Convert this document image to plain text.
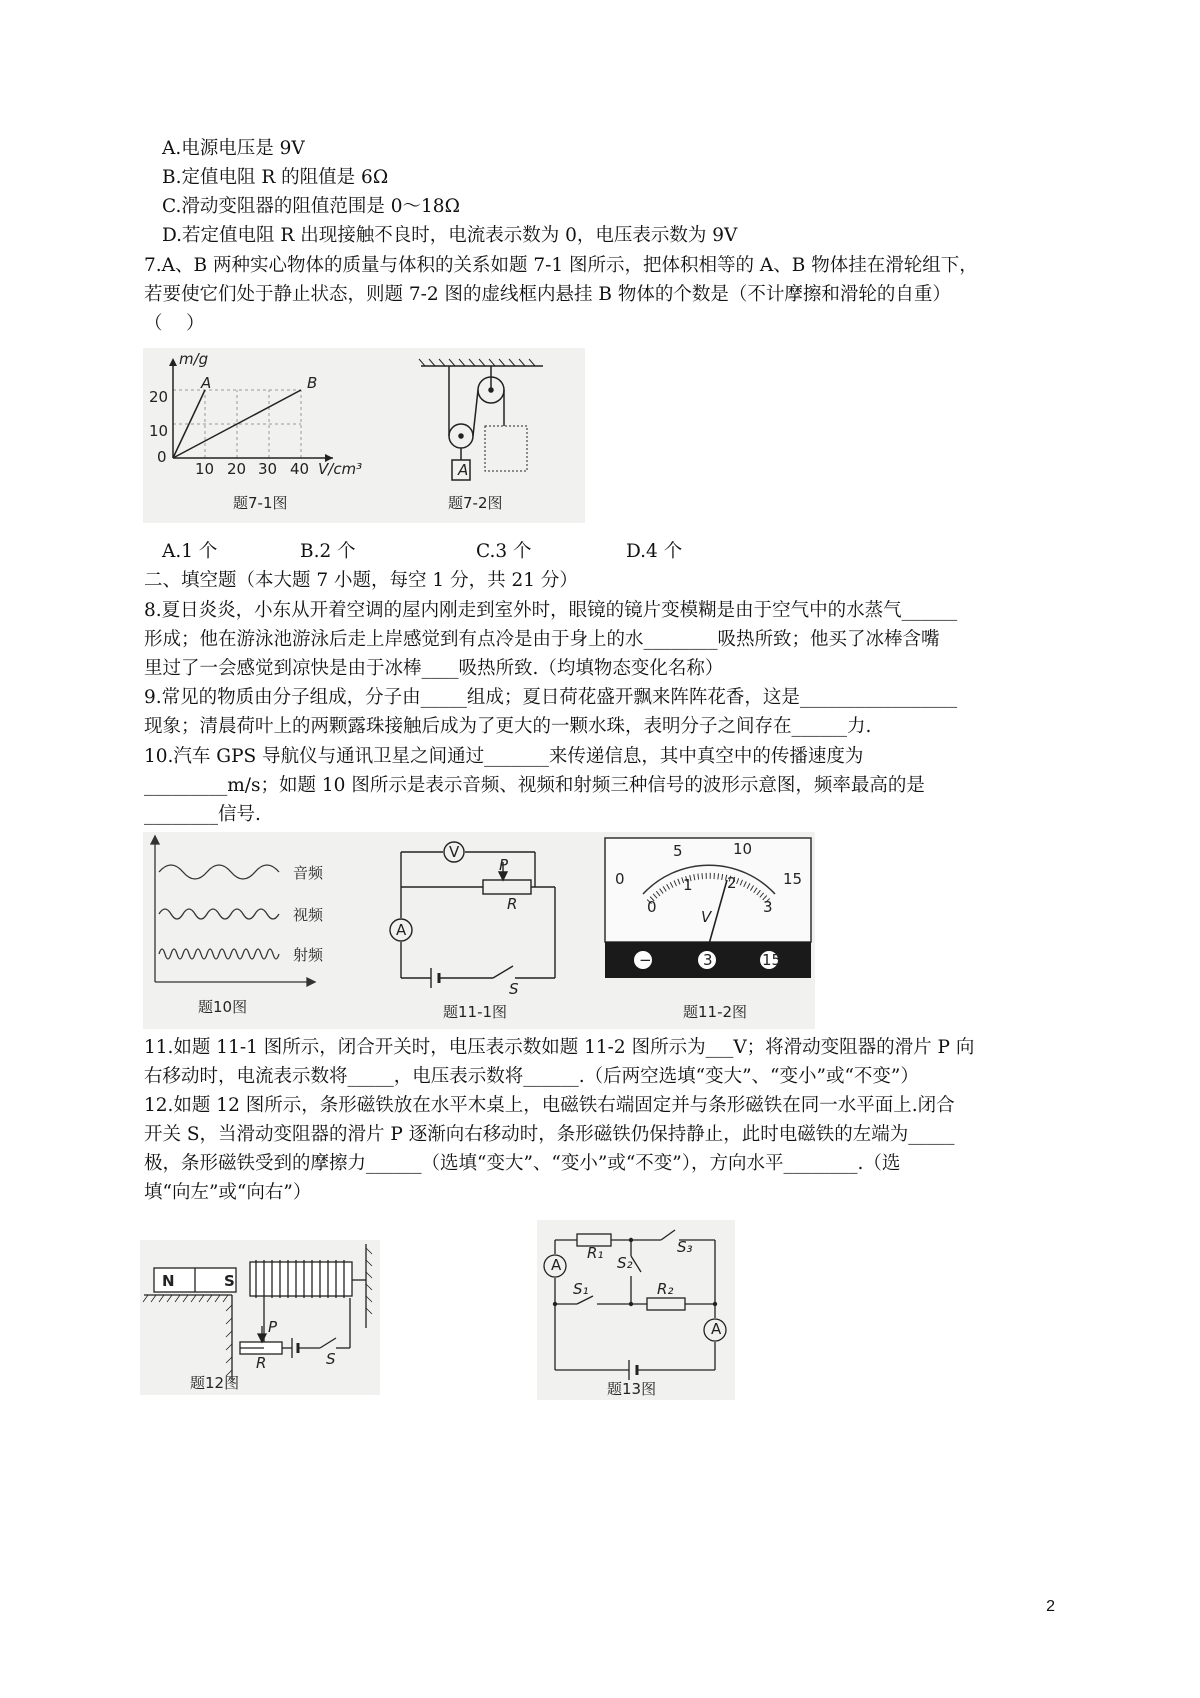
A.电源电压是 9V
B.定值电阻 R 的阻值是 6Ω
C.滑动变阻器的阻值范围是 0～18Ω
D.若定值电阻 R 出现接触不良时，电流表示数为 0，电压表示数为 9V
7.A、B 两种实心物体的质量与体积的关系如题 7-1 图所示，把体积相等的 A、B 物体挂在滑轮组下，
若要使它们处于静止状态，则题 7-2 图的虚线框内悬挂 B 物体的个数是（不计摩擦和滑轮的自重）
（    ）
m/g
V/cm³
0
10
20
10 20 30 40
A	B
题7-1图
A
题7-2图
A.1 个	B.2 个	C.3 个	D.4 个
二、填空题（本大题 7 小题，每空 1 分，共 21 分）
8.夏日炎炎，小东从开着空调的屋内刚走到室外时，眼镜的镜片变模糊是由于空气中的水蒸气______
形成；他在游泳池游泳后走上岸感觉到有点冷是由于身上的水________吸热所致；他买了冰棒含嘴
里过了一会感觉到凉快是由于冰棒____吸热所致.（均填物态变化名称）
9.常见的物质由分子组成，分子由_____组成；夏日荷花盛开飘来阵阵花香，这是_________________
现象；清晨荷叶上的两颗露珠接触后成为了更大的一颗水珠，表明分子之间存在______力.
10.汽车 GPS 导航仪与通讯卫星之间通过_______来传递信息，其中真空中的传播速度为
_________m/s；如题 10 图所示是表示音频、视频和射频三种信号的波形示意图，频率最高的是
________信号.
音频
视频
射频
题10图
V
P
R
A
S
题11-1图
0
5	10
15
0
1 2
3
V
−	3	15
题11-2图
11.如题 11-1 图所示，闭合开关时，电压表示数如题 11-2 图所示为___V；将滑动变阻器的滑片 P 向
右移动时，电流表示数将_____，电压表示数将______.（后两空选填“变大”、“变小”或“不变”）
12.如题 12 图所示，条形磁铁放在水平木桌上，电磁铁右端固定并与条形磁铁在同一水平面上.闭合
开关 S，当滑动变阻器的滑片 P 逐渐向右移动时，条形磁铁仍保持静止，此时电磁铁的左端为_____
极，条形磁铁受到的摩擦力______（选填“变大”、“变小”或“不变”），方向水平________.（选
填“向左”或“向右”）
N	S
P
R	S
题12图
A
R₁
S₂
S₃
S₁	R₂
A
题13图
2
